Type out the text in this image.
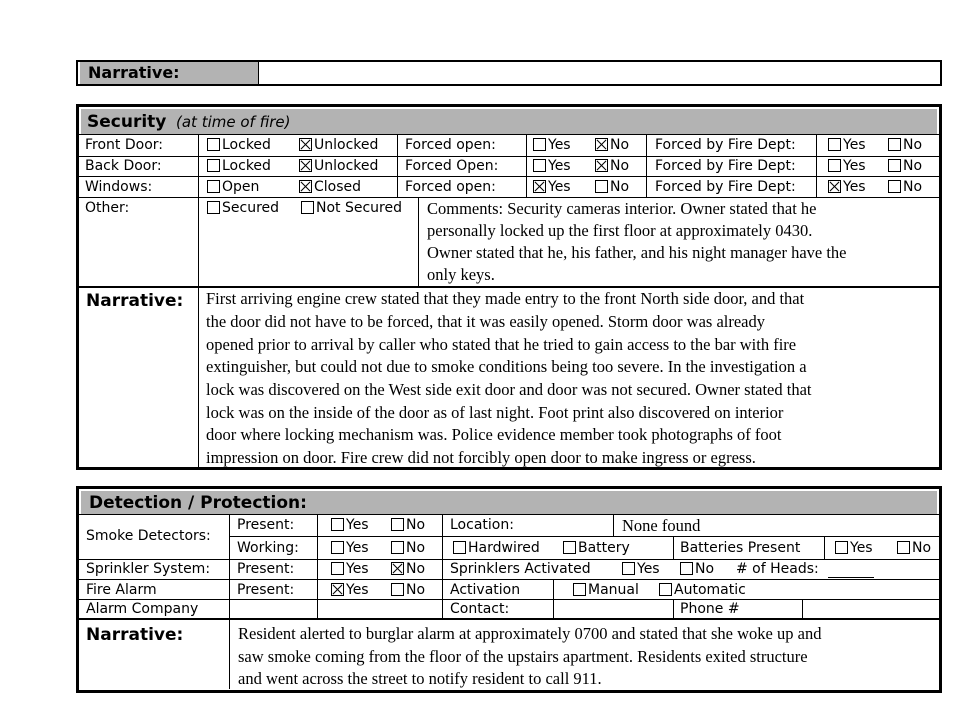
Narrative:
Security (at time of fire)
Front Door:	Locked	Unlocked Forced open:	Yes	No Forced by Fire Dept:	Yes	No
Back Door:	Locked	Unlocked Forced Open:	Yes	No Forced by Fire Dept:	Yes	No
Windows:	Open	Closed	Forced open:	Yes	No Forced by Fire Dept:	Yes	No
Other:	Secured	Not Secured Comments: Security cameras interior. Owner stated that he
personally locked up the first floor at approximately 0430.
Owner stated that he, his father, and his night manager have the
only keys.
Narrative: First arriving engine crew stated that they made entry to the front North side door, and that
the door did not have to be forced, that it was easily opened. Storm door was already
opened prior to arrival by caller who stated that he tried to gain access to the bar with fire
extinguisher, but could not due to smoke conditions being too severe. In the investigation a
lock was discovered on the West side exit door and door was not secured. Owner stated that
lock was on the inside of the door as of last night. Foot print also discovered on interior
door where locking mechanism was. Police evidence member took photographs of foot
impression on door. Fire crew did not forcibly open door to make ingress or egress.
Detection / Protection:
Smoke Detectors:
Present:	Yes	No Location:	None found
Working:	Yes	No	Hardwired	Battery	Batteries Present	Yes	No
Sprinkler System: Present:	Yes	No Sprinklers Activated	Yes	No # of Heads:
Fire Alarm	Present:	Yes	No Activation	Manual	Automatic
Alarm Company	Contact:	Phone #
Narrative:	Resident alerted to burglar alarm at approximately 0700 and stated that she woke up and
saw smoke coming from the floor of the upstairs apartment. Residents exited structure
and went across the street to notify resident to call 911.
